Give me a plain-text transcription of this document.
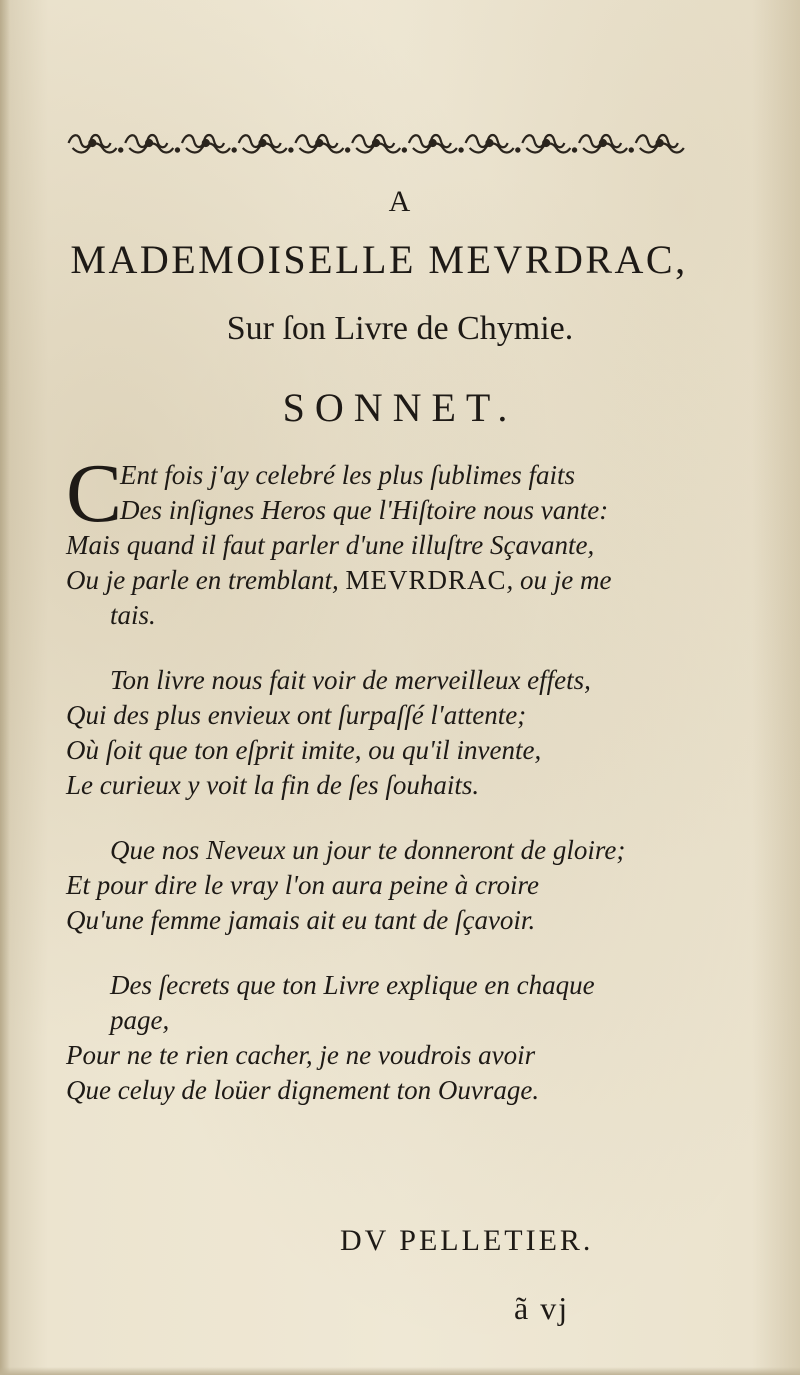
A
MADEMOISELLE MEVRDRAC,
Sur ſon Livre de Chymie.
SONNET.
C
Ent fois j'ay celebré les plus ſublimes faits
Des inſignes Heros que l'Hiſtoire nous vante:
Mais quand il faut parler d'une illuſtre Sçavante,
Ou je parle en tremblant, MEVRDRAC, ou je me
tais.
Ton livre nous fait voir de merveilleux effets,
Qui des plus envieux ont ſurpaſſé l'attente;
Où ſoit que ton eſprit imite, ou qu'il invente,
Le curieux y voit la fin de ſes ſouhaits.
Que nos Neveux un jour te donneront de gloire;
Et pour dire le vray l'on aura peine à croire
Qu'une femme jamais ait eu tant de ſçavoir.
Des ſecrets que ton Livre explique en chaque
page,
Pour ne te rien cacher, je ne voudrois avoir
Que celuy de loüer dignement ton Ouvrage.
DV PELLETIER.
ã vj
